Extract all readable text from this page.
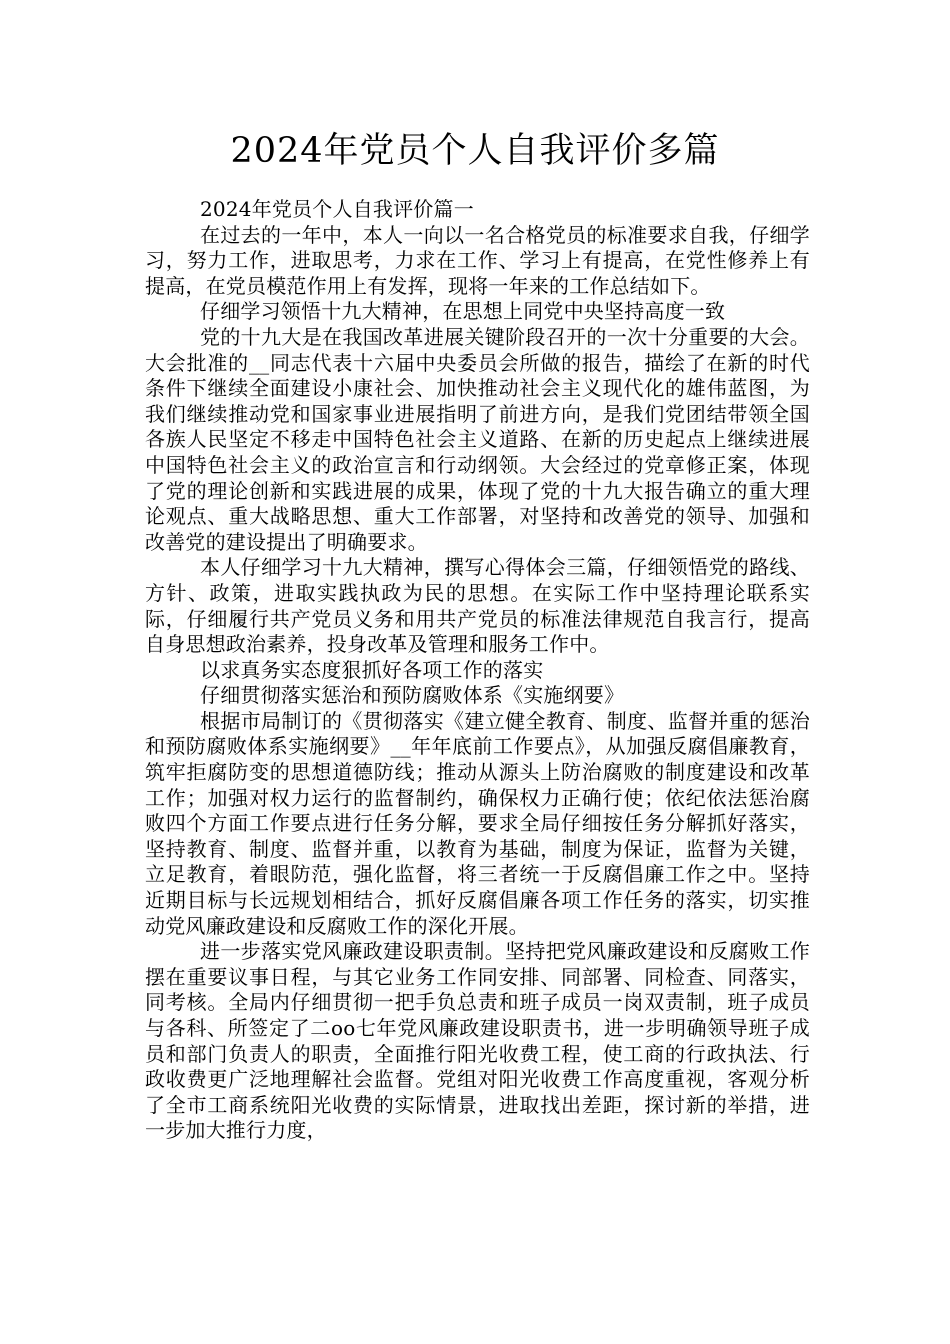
2024年党员个人自我评价多篇

2024年党员个人自我评价篇一

在过去的一年中，本人一向以一名合格党员的标准要求自我，仔细学习，努力工作，进取思考，力求在工作、学习上有提高，在党性修养上有提高，在党员模范作用上有发挥，现将一年来的工作总结如下。

仔细学习领悟十九大精神，在思想上同党中央坚持高度一致

党的十九大是在我国改革进展关键阶段召开的一次十分重要的大会。大会批准的__同志代表十六届中央委员会所做的报告，描绘了在新的时代条件下继续全面建设小康社会、加快推动社会主义现代化的雄伟蓝图，为我们继续推动党和国家事业进展指明了前进方向，是我们党团结带领全国各族人民坚定不移走中国特色社会主义道路、在新的历史起点上继续进展中国特色社会主义的政治宣言和行动纲领。大会经过的党章修正案，体现了党的理论创新和实践进展的成果，体现了党的十九大报告确立的重大理论观点、重大战略思想、重大工作部署，对坚持和改善党的领导、加强和改善党的建设提出了明确要求。

本人仔细学习十九大精神，撰写心得体会三篇，仔细领悟党的路线、方针、政策，进取实践执政为民的思想。在实际工作中坚持理论联系实际，仔细履行共产党员义务和用共产党员的标准法律规范自我言行，提高自身思想政治素养，投身改革及管理和服务工作中。

以求真务实态度狠抓好各项工作的落实

仔细贯彻落实惩治和预防腐败体系《实施纲要》

根据市局制订的《贯彻落实《建立健全教育、制度、监督并重的惩治和预防腐败体系实施纲要》__年年底前工作要点》，从加强反腐倡廉教育，筑牢拒腐防变的思想道德防线；推动从源头上防治腐败的制度建设和改革工作；加强对权力运行的监督制约，确保权力正确行使；依纪依法惩治腐败四个方面工作要点进行任务分解，要求全局仔细按任务分解抓好落实，坚持教育、制度、监督并重，以教育为基础，制度为保证，监督为关键，立足教育，着眼防范，强化监督，将三者统一于反腐倡廉工作之中。坚持近期目标与长远规划相结合，抓好反腐倡廉各项工作任务的落实，切实推动党风廉政建设和反腐败工作的深化开展。

进一步落实党风廉政建设职责制。坚持把党风廉政建设和反腐败工作摆在重要议事日程，与其它业务工作同安排、同部署、同检查、同落实，同考核。全局内仔细贯彻一把手负总责和班子成员一岗双责制，班子成员与各科、所签定了二oo七年党风廉政建设职责书，进一步明确领导班子成员和部门负责人的职责，全面推行阳光收费工程，使工商的行政执法、行政收费更广泛地理解社会监督。党组对阳光收费工作高度重视，客观分析了全市工商系统阳光收费的实际情景，进取找出差距，探讨新的举措，进一步加大推行力度，
